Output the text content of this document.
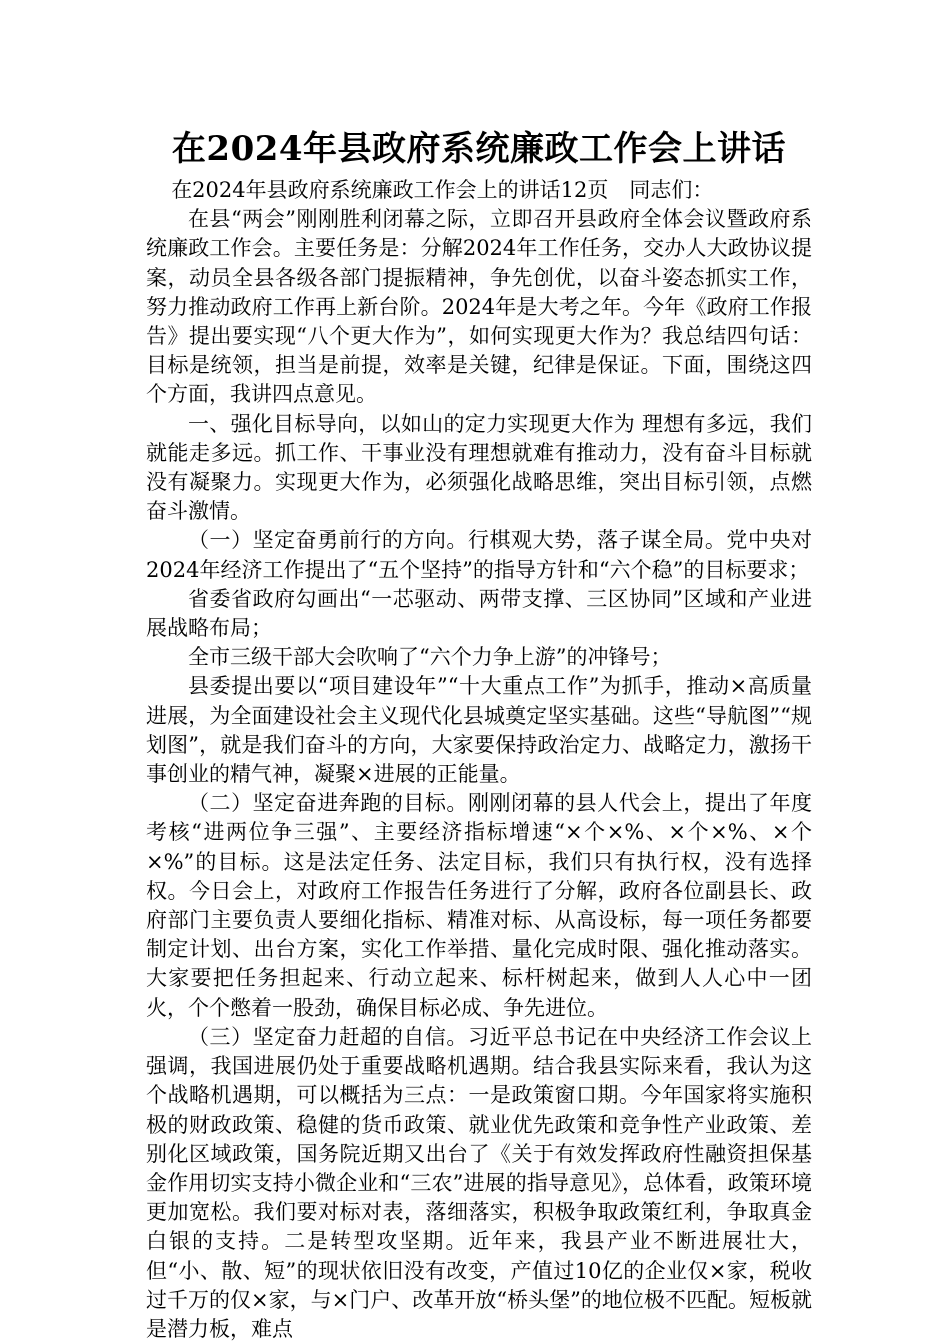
在2024年县政府系统廉政工作会上讲话

在2024年县政府系统廉政工作会上的讲话12页　同志们：

在县“两会”刚刚胜利闭幕之际，立即召开县政府全体会议暨政府系统廉政工作会。主要任务是：分解2024年工作任务，交办人大政协议提案，动员全县各级各部门提振精神，争先创优，以奋斗姿态抓实工作，努力推动政府工作再上新台阶。2024年是大考之年。今年《政府工作报告》提出要实现“八个更大作为”，如何实现更大作为？我总结四句话：目标是统领，担当是前提，效率是关键，纪律是保证。下面，围绕这四个方面，我讲四点意见。

一、强化目标导向，以如山的定力实现更大作为 理想有多远，我们就能走多远。抓工作、干事业没有理想就难有推动力，没有奋斗目标就没有凝聚力。实现更大作为，必须强化战略思维，突出目标引领，点燃奋斗激情。

（一）坚定奋勇前行的方向。行棋观大势，落子谋全局。党中央对2024年经济工作提出了“五个坚持”的指导方针和“六个稳”的目标要求；

省委省政府勾画出“一芯驱动、两带支撑、三区协同”区域和产业进展战略布局；

全市三级干部大会吹响了“六个力争上游”的冲锋号；

县委提出要以“项目建设年”“十大重点工作”为抓手，推动×高质量进展，为全面建设社会主义现代化县城奠定坚实基础。这些“导航图”“规划图”，就是我们奋斗的方向，大家要保持政治定力、战略定力，激扬干事创业的精气神，凝聚×进展的正能量。

（二）坚定奋进奔跑的目标。刚刚闭幕的县人代会上，提出了年度考核“进两位争三强”、主要经济指标增速“×个×%、×个×%、×个×%”的目标。这是法定任务、法定目标，我们只有执行权，没有选择权。今日会上，对政府工作报告任务进行了分解，政府各位副县长、政府部门主要负责人要细化指标、精准对标、从高设标，每一项任务都要制定计划、出台方案，实化工作举措、量化完成时限、强化推动落实。大家要把任务担起来、行动立起来、标杆树起来，做到人人心中一团火，个个憋着一股劲，确保目标必成、争先进位。

（三）坚定奋力赶超的自信。习近平总书记在中央经济工作会议上强调，我国进展仍处于重要战略机遇期。结合我县实际来看，我认为这个战略机遇期，可以概括为三点：一是政策窗口期。今年国家将实施积极的财政政策、稳健的货币政策、就业优先政策和竞争性产业政策、差别化区域政策，国务院近期又出台了《关于有效发挥政府性融资担保基金作用切实支持小微企业和“三农”进展的指导意见》，总体看，政策环境更加宽松。我们要对标对表，落细落实，积极争取政策红利，争取真金白银的支持。二是转型攻坚期。近年来，我县产业不断进展壮大，但“小、散、短”的现状依旧没有改变，产值过10亿的企业仅×家，税收过千万的仅×家，与×门户、改革开放“桥头堡”的地位极不匹配。短板就是潜力板，难点
